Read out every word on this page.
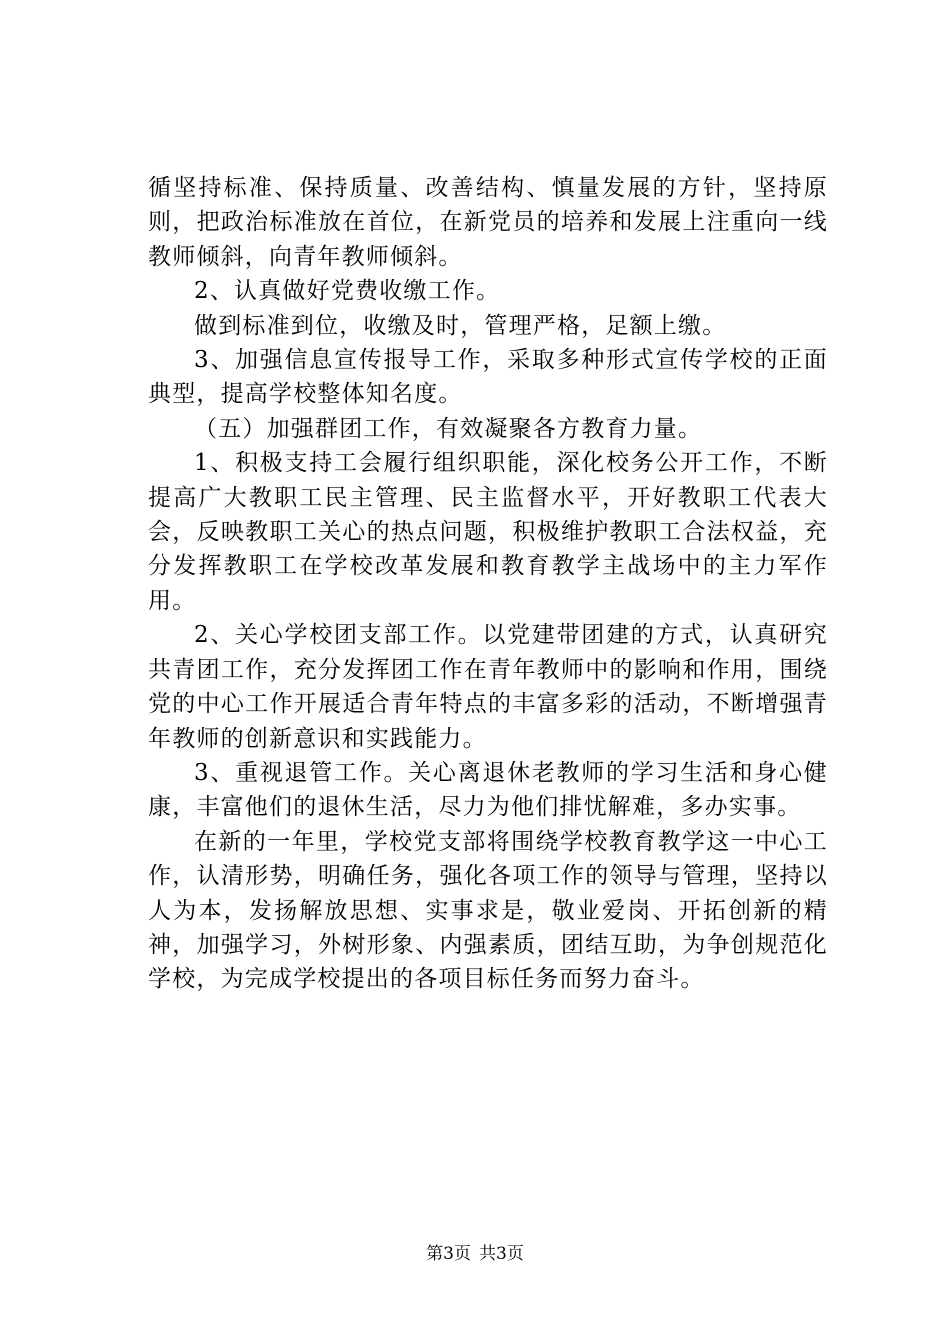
循坚持标准、保持质量、改善结构、慎量发展的方针，坚持原则，把政治标准放在首位，在新党员的培养和发展上注重向一线教师倾斜，向青年教师倾斜。

2、认真做好党费收缴工作。

做到标准到位，收缴及时，管理严格，足额上缴。

3、加强信息宣传报导工作，采取多种形式宣传学校的正面典型，提高学校整体知名度。

（五）加强群团工作，有效凝聚各方教育力量。

1、积极支持工会履行组织职能，深化校务公开工作，不断提高广大教职工民主管理、民主监督水平，开好教职工代表大会，反映教职工关心的热点问题，积极维护教职工合法权益，充分发挥教职工在学校改革发展和教育教学主战场中的主力军作用。

2、关心学校团支部工作。以党建带团建的方式，认真研究共青团工作，充分发挥团工作在青年教师中的影响和作用，围绕党的中心工作开展适合青年特点的丰富多彩的活动，不断增强青年教师的创新意识和实践能力。

3、重视退管工作。关心离退休老教师的学习生活和身心健康，丰富他们的退休生活，尽力为他们排忧解难，多办实事。

在新的一年里，学校党支部将围绕学校教育教学这一中心工作，认清形势，明确任务，强化各项工作的领导与管理，坚持以人为本，发扬解放思想、实事求是，敬业爱岗、开拓创新的精神，加强学习，外树形象、内强素质，团结互助，为争创规范化学校，为完成学校提出的各项目标任务而努力奋斗。

第3页 共3页
